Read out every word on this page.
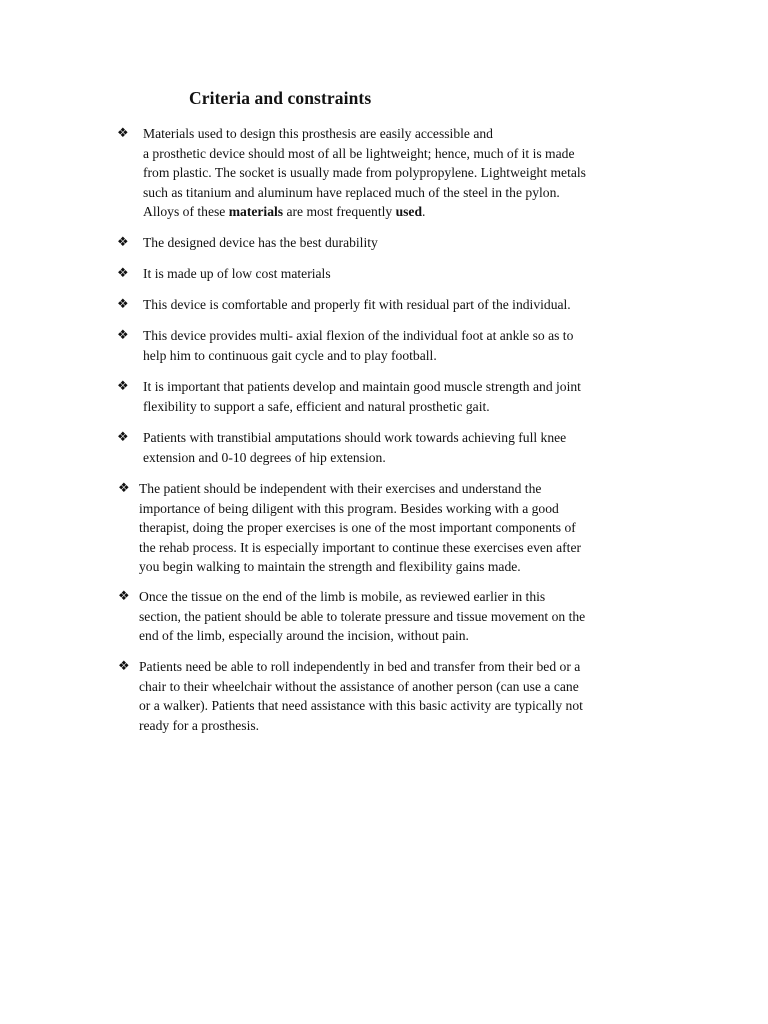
Criteria and constraints
❖ Materials used to design this prosthesis are easily accessible and
a prosthetic device should most of all be lightweight; hence, much of it is made
from plastic. The socket is usually made from polypropylene. Lightweight metals
such as titanium and aluminum have replaced much of the steel in the pylon.
Alloys of these materials are most frequently used.
❖ The designed device has the best durability
❖ It is made up of low cost materials
❖ This device is comfortable and properly fit with residual part of the individual.
❖ This device provides multi- axial flexion of the individual foot at ankle so as to
help him to continuous gait cycle and to play football.
❖ It is important that patients develop and maintain good muscle strength and joint
flexibility to support a safe, efficient and natural prosthetic gait.
❖ Patients with transtibial amputations should work towards achieving full knee
extension and 0-10 degrees of hip extension.
❖ The patient should be independent with their exercises and understand the
importance of being diligent with this program. Besides working with a good
therapist, doing the proper exercises is one of the most important components of
the rehab process. It is especially important to continue these exercises even after
you begin walking to maintain the strength and flexibility gains made.
❖ Once the tissue on the end of the limb is mobile, as reviewed earlier in this
section, the patient should be able to tolerate pressure and tissue movement on the
end of the limb, especially around the incision, without pain.
❖ Patients need be able to roll independently in bed and transfer from their bed or a
chair to their wheelchair without the assistance of another person (can use a cane
or a walker). Patients that need assistance with this basic activity are typically not
ready for a prosthesis.
